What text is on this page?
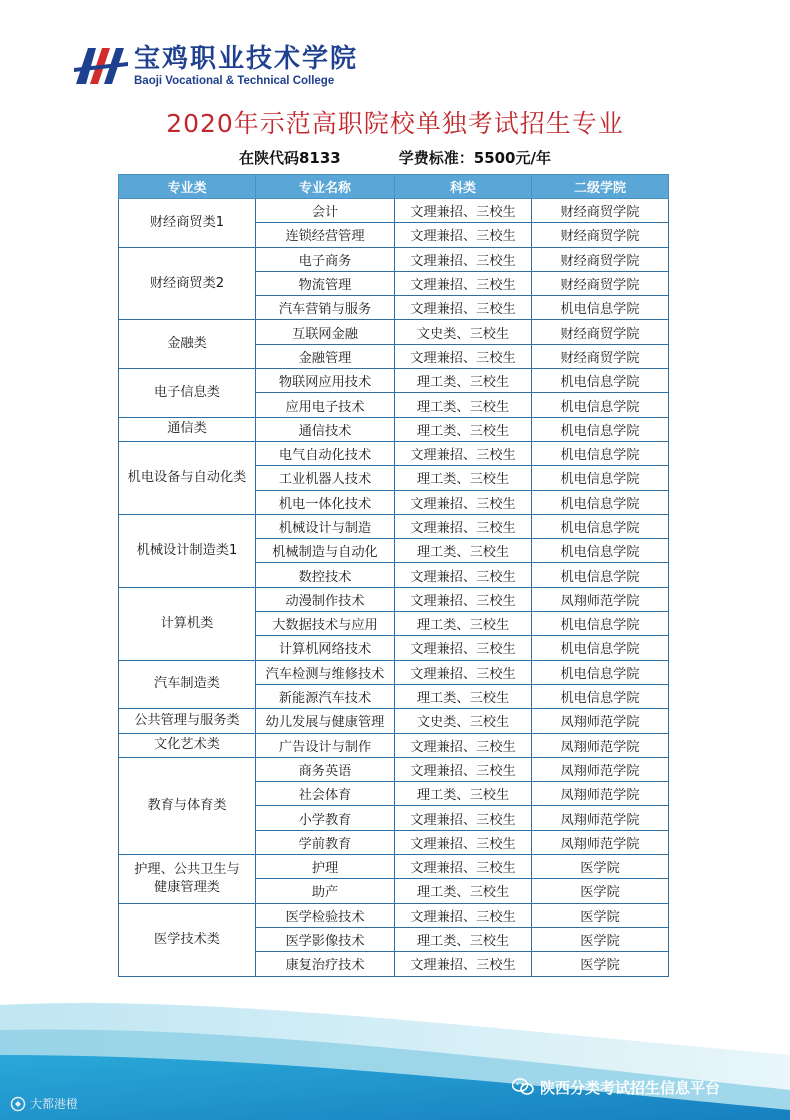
宝鸡职业技术学院
Baoji Vocational & Technical College
2020年示范高职院校单独考试招生专业
在陕代码8133	学费标准：5500元/年
专业类	专业名称	科类	二级学院
财经商贸类1	会计	文理兼招、三校生	财经商贸学院
	连锁经营管理	文理兼招、三校生	财经商贸学院
财经商贸类2	电子商务	文理兼招、三校生	财经商贸学院
	物流管理	文理兼招、三校生	财经商贸学院
	汽车营销与服务	文理兼招、三校生	机电信息学院
金融类	互联网金融	文史类、三校生	财经商贸学院
	金融管理	文理兼招、三校生	财经商贸学院
电子信息类	物联网应用技术	理工类、三校生	机电信息学院
	应用电子技术	理工类、三校生	机电信息学院
通信类	通信技术	理工类、三校生	机电信息学院
机电设备与自动化类	电气自动化技术	文理兼招、三校生	机电信息学院
	工业机器人技术	理工类、三校生	机电信息学院
	机电一体化技术	文理兼招、三校生	机电信息学院
机械设计制造类1	机械设计与制造	文理兼招、三校生	机电信息学院
	机械制造与自动化	理工类、三校生	机电信息学院
	数控技术	文理兼招、三校生	机电信息学院
计算机类	动漫制作技术	文理兼招、三校生	凤翔师范学院
	大数据技术与应用	理工类、三校生	机电信息学院
	计算机网络技术	文理兼招、三校生	机电信息学院
汽车制造类	汽车检测与维修技术	文理兼招、三校生	机电信息学院
	新能源汽车技术	理工类、三校生	机电信息学院
公共管理与服务类	幼儿发展与健康管理	文史类、三校生	凤翔师范学院
文化艺术类	广告设计与制作	文理兼招、三校生	凤翔师范学院
教育与体育类	商务英语	文理兼招、三校生	凤翔师范学院
	社会体育	理工类、三校生	凤翔师范学院
	小学教育	文理兼招、三校生	凤翔师范学院
	学前教育	文理兼招、三校生	凤翔师范学院
护理、公共卫生与健康管理类	护理	文理兼招、三校生	医学院
	助产	理工类、三校生	医学院
医学技术类	医学检验技术	文理兼招、三校生	医学院
	医学影像技术	理工类、三校生	医学院
	康复治疗技术	文理兼招、三校生	医学院
陕西分类考试招生信息平台
大都港橙
